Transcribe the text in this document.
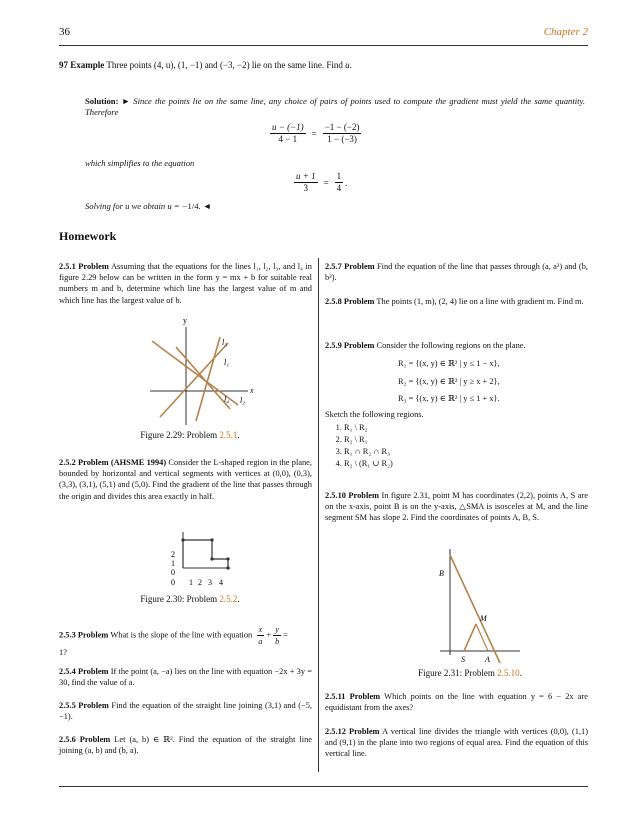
36	Chapter 2
97 Example Three points (4, u), (1, −1) and (−3, −2) lie on the same line. Find u.
Solution: ► Since the points lie on the same line, any choice of pairs of points used to compute the gradient must yield the same quantity. Therefore
$\frac{u - (-1)}{4 - 1} = \frac{-1 - (-2)}{1 - (-3)}$
which simplifies to the equation
$\frac{u + 1}{3} = \frac{1}{4}$ .
Solving for u we obtain u = −1/4. ◄
Homework
2.5.1 Problem Assuming that the equations for the lines l₁, l₂, l₃, and l₄ in figure 2.29 below can be written in the form y = mx + b for suitable real numbers m and b, determine which line has the largest value of m and which line has the largest value of b.
y
x
l₃
l₁
l₄ l₂
Figure 2.29: Problem 2.5.1.
2.5.2 Problem (AHSME 1994) Consider the L-shaped region in the plane, bounded by horizontal and vertical segments with vertices at (0,0), (0,3), (3,3), (3,1), (5,1) and (5,0). Find the gradient of the line that passes through the origin and divides this area exactly in half.
2
1
0
0 1 2 3 4
Figure 2.30: Problem 2.5.2.
2.5.3 Problem What is the slope of the line with equation $\frac{x}{a} + \frac{y}{b}$ =
1?
2.5.4 Problem If the point (a, −a) lies on the line with equation −2x + 3y = 30, find the value of a.
2.5.5 Problem Find the equation of the straight line joining (3,1) and (−5, −1).
2.5.6 Problem Let (a, b) ∈ ℝ². Find the equation of the straight line joining (a, b) and (b, a).
2.5.7 Problem Find the equation of the line that passes through (a, a²) and (b, b²).
2.5.8 Problem The points (1, m), (2, 4) lie on a line with gradient m. Find m.
2.5.9 Problem Consider the following regions on the plane.
R₁ = {(x, y) ∈ ℝ² | y ≤ 1 − x},
R₂ = {(x, y) ∈ ℝ² | y ≥ x + 2},
R₃ = {(x, y) ∈ ℝ² | y ≤ 1 + x}.
Sketch the following regions.
1. R₁ \ R₂
2. R₂ \ R₁
3. R₁ ∩ R₂ ∩ R₃
4. R₂ \ (R₁ ∪ R₂)
2.5.10 Problem In figure 2.31, point M has coordinates (2,2), points A, S are on the x-axis, point B is on the y-axis, △SMA is isosceles at M, and the line segment SM has slope 2. Find the coordinates of points A, B, S.
B
M
S	A
Figure 2.31: Problem 2.5.10.
2.5.11 Problem Which points on the line with equation y = 6 − 2x are equidistant from the axes?
2.5.12 Problem A vertical line divides the triangle with vertices (0,0), (1,1) and (9,1) in the plane into two regions of equal area. Find the equation of this vertical line.
